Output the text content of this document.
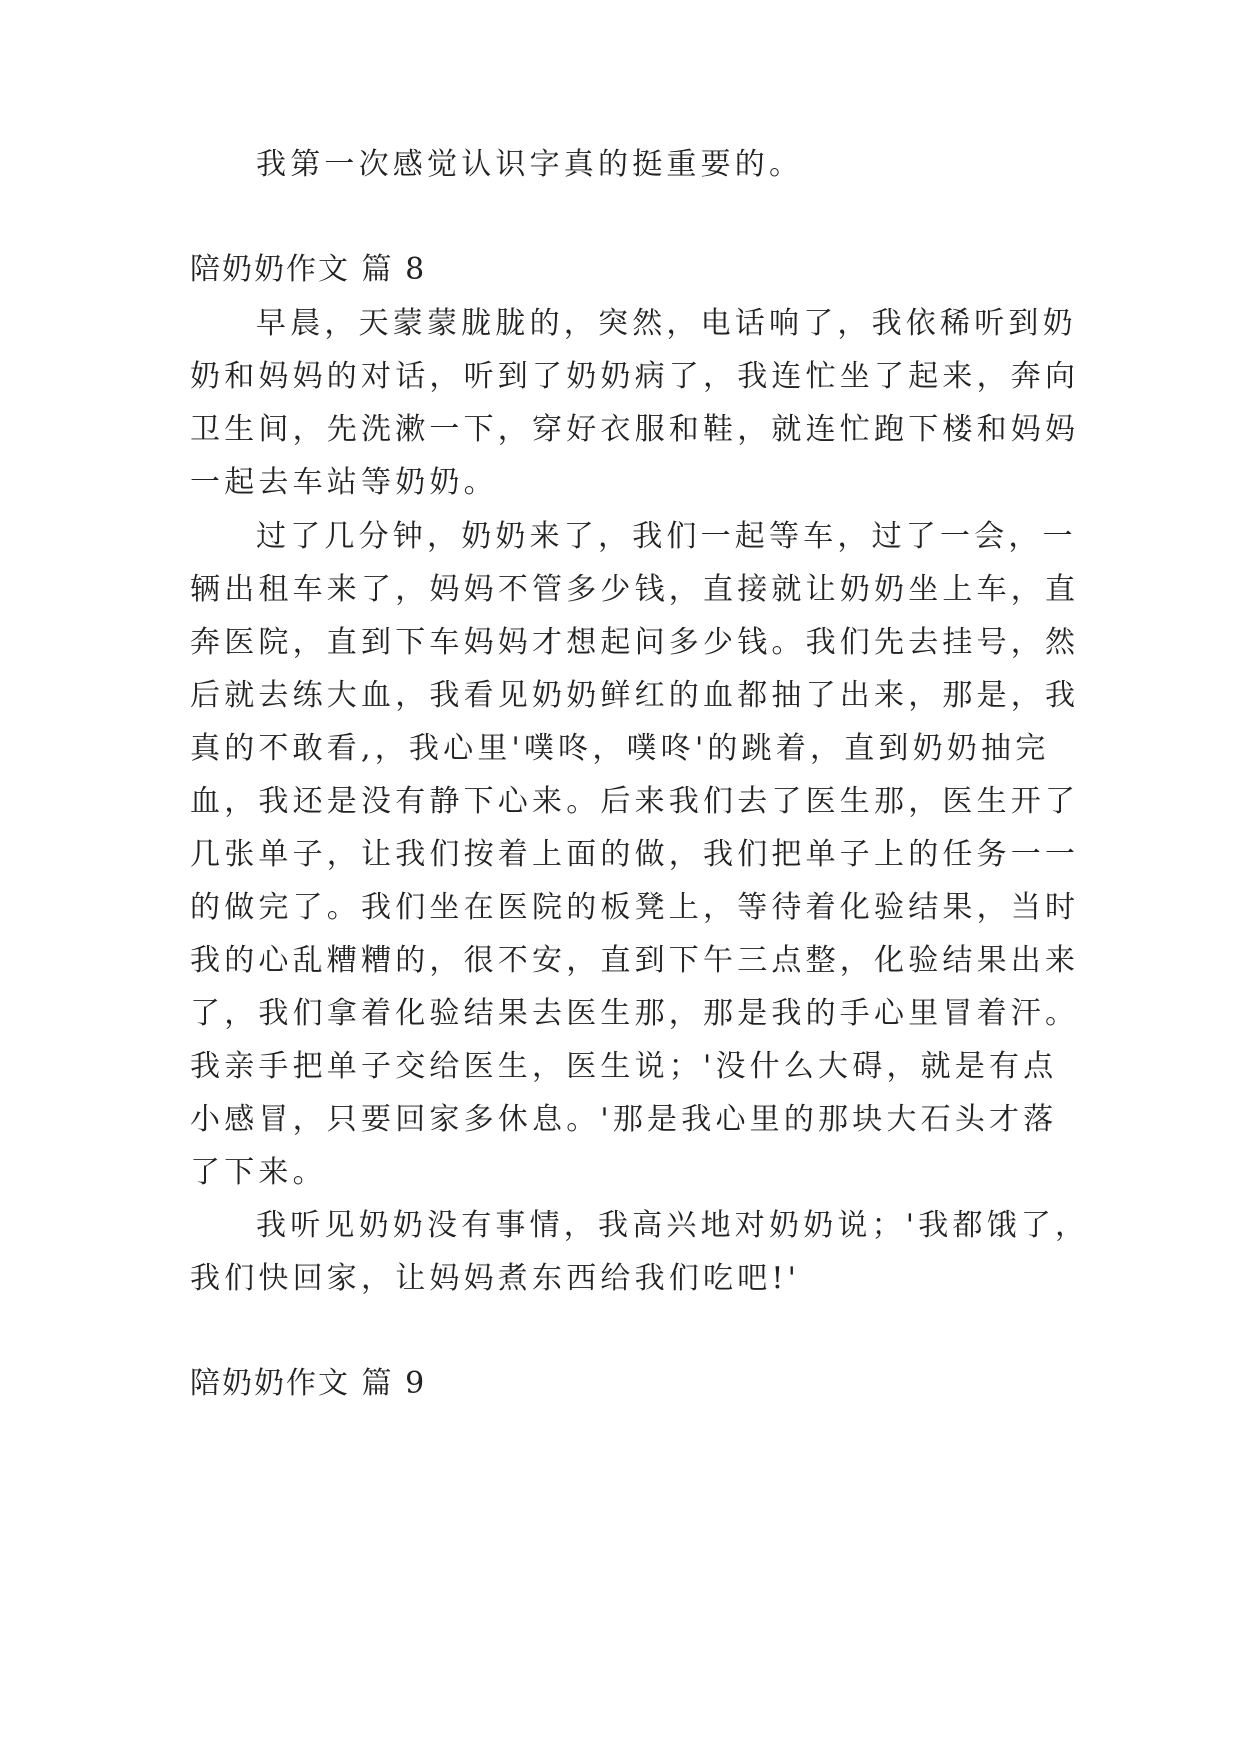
我第一次感觉认识字真的挺重要的。
陪奶奶作文 篇 8
早晨，天蒙蒙胧胧的，突然，电话响了，我依稀听到奶
奶和妈妈的对话，听到了奶奶病了，我连忙坐了起来，奔向
卫生间，先洗漱一下，穿好衣服和鞋，就连忙跑下楼和妈妈
一起去车站等奶奶。
过了几分钟，奶奶来了，我们一起等车，过了一会，一
辆出租车来了，妈妈不管多少钱，直接就让奶奶坐上车，直
奔医院，直到下车妈妈才想起问多少钱。我们先去挂号，然
后就去练大血，我看见奶奶鲜红的血都抽了出来，那是，我
真的不敢看,，我心里'噗咚，噗咚'的跳着，直到奶奶抽完
血，我还是没有静下心来。后来我们去了医生那，医生开了
几张单子，让我们按着上面的做，我们把单子上的任务一一
的做完了。我们坐在医院的板凳上，等待着化验结果，当时
我的心乱糟糟的，很不安，直到下午三点整，化验结果出来
了，我们拿着化验结果去医生那，那是我的手心里冒着汗。
我亲手把单子交给医生，医生说；'没什么大碍，就是有点
小感冒，只要回家多休息。'那是我心里的那块大石头才落
了下来。
我听见奶奶没有事情，我高兴地对奶奶说；'我都饿了，
我们快回家，让妈妈煮东西给我们吃吧!'
陪奶奶作文 篇 9
